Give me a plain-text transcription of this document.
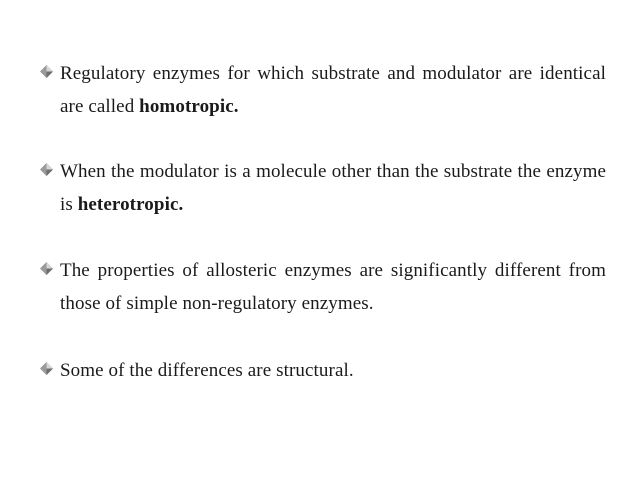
Regulatory enzymes for which substrate and modulator are identical are called homotropic.
When the modulator is a molecule other than the substrate the enzyme is heterotropic.
The properties of allosteric enzymes are significantly different from those of simple non-regulatory enzymes.
Some of the differences are structural.
